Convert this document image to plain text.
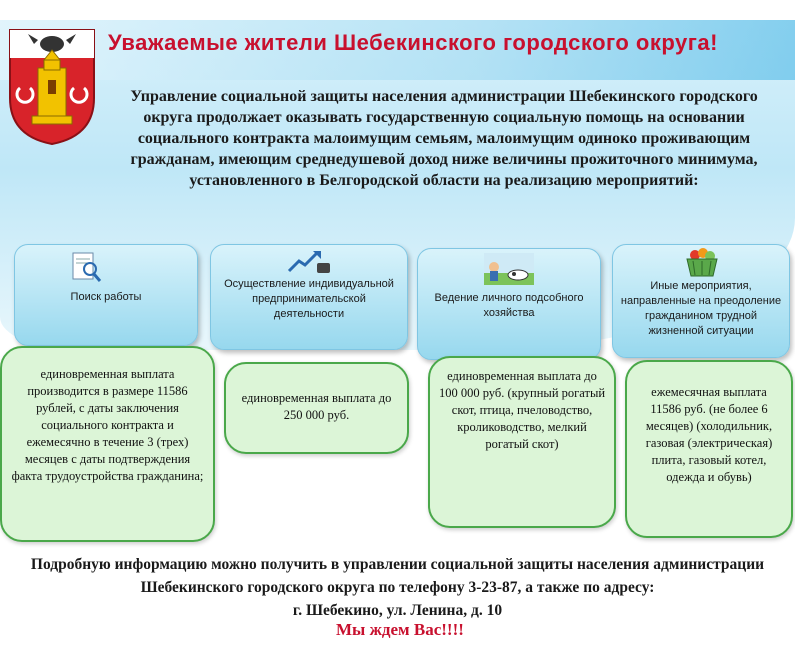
Уважаемые жители Шебекинского городского округа!
Управление социальной защиты населения администрации Шебекинского городского округа продолжает оказывать государственную социальную помощь на основании социального контракта малоимущим семьям, малоимущим одиноко проживающим гражданам, имеющим среднедушевой доход ниже величины прожиточного минимума, установленного в Белгородской области на реализацию мероприятий:
Поиск работы
Осуществление индивидуальной предпринимательской деятельности
Ведение личного подсобного хозяйства
Иные мероприятия, направленные на преодоление гражданином трудной жизненной ситуации
единовременная выплата производится в размере 11586 рублей, с даты заключения социального контракта и ежемесячно в течение 3 (трех) месяцев с даты подтверждения факта трудоустройства гражданина;
единовременная выплата до 250 000 руб.
единовременная выплата до 100 000 руб. (крупный рогатый скот, птица, пчеловодство, кролиководство, мелкий рогатый скот)
ежемесячная выплата 11586 руб. (не более 6 месяцев) (холодильник, газовая (электрическая) плита, газовый котел, одежда и обувь)
Подробную информацию можно получить в управлении социальной защиты населения администрации Шебекинского городского округа по телефону 3-23-87, а также по адресу:
г. Шебекино, ул. Ленина, д. 10
Мы ждем Вас!!!!
